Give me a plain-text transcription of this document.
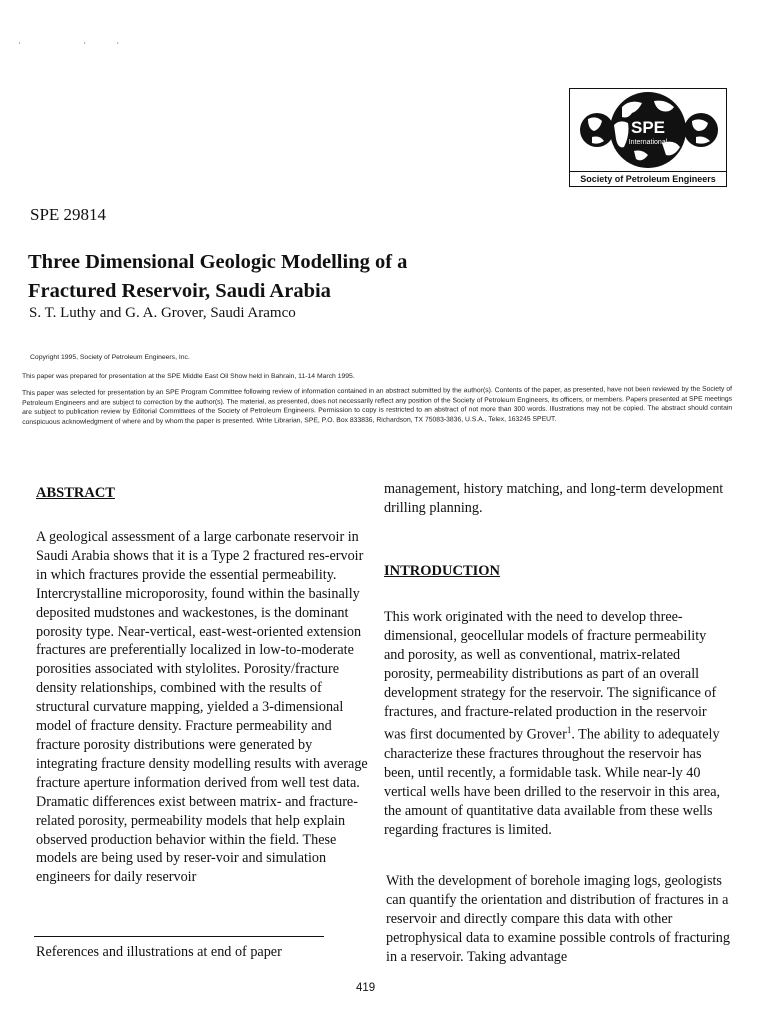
· ··
SPE
International
Society of Petroleum Engineers
SPE 29814
Three Dimensional Geologic Modelling of a
Fractured Reservoir, Saudi Arabia
S. T. Luthy and G. A. Grover, Saudi Aramco
Copyright 1995, Society of Petroleum Engineers, Inc.
This paper was prepared for presentation at the SPE Middle East Oil Show held in Bahrain, 11-14 March 1995.
This paper was selected for presentation by an SPE Program Committee following review of information contained in an abstract submitted by the author(s). Contents of the paper, as presented, have not been reviewed by the Society of Petroleum Engineers and are subject to correction by the author(s). The material, as presented, does not necessarily reflect any position of the Society of Petroleum Engineers, its officers, or members. Papers presented at SPE meetings are subject to publication review by Editorial Committees of the Society of Petroleum Engineers. Permission to copy is restricted to an abstract of not more than 300 words. Illustrations may not be copied. The abstract should contain conspicuous acknowledgment of where and by whom the paper is presented. Write Librarian, SPE, P.O. Box 833836, Richardson, TX 75083-3836, U.S.A., Telex, 163245 SPEUT.
ABSTRACT

A geological assessment of a large carbonate reservoir in Saudi Arabia shows that it is a Type 2 fractured res-ervoir in which fractures provide the essential permeability. Intercrystalline microporosity, found within the basinally deposited mudstones and wackestones, is the dominant porosity type. Near-vertical, east-west-oriented extension fractures are preferentially localized in low-to-moderate porosities associated with stylolites. Porosity/fracture density relationships, combined with the results of structural curvature mapping, yielded a 3-dimensional model of fracture density. Fracture permeability and fracture porosity distributions were generated by integrating fracture density modelling results with average fracture aperture information derived from well test data. Dramatic differences exist between matrix- and fracture-related porosity, permeability models that help explain observed production behavior within the field. These models are being used by reser-voir and simulation engineers for daily reservoir

References and illustrations at end of paper

management, history matching, and long-term development drilling planning.

INTRODUCTION

This work originated with the need to develop three-dimensional, geocellular models of fracture permeability and porosity, as well as conventional, matrix-related porosity, permeability distributions as part of an overall development strategy for the reservoir. The significance of fractures, and fracture-related production in the reservoir was first documented by Grover$^1$. The ability to adequately characterize these fractures throughout the reservoir has been, until recently, a formidable task. While near-ly 40 vertical wells have been drilled to the reservoir in this area, the amount of quantitative data available from these wells regarding fractures is limited.

With the development of borehole imaging logs, geologists can quantify the orientation and distribution of fractures in a reservoir and directly compare this data with other petrophysical data to examine possible controls of fracturing in a reservoir. Taking advantage

419
